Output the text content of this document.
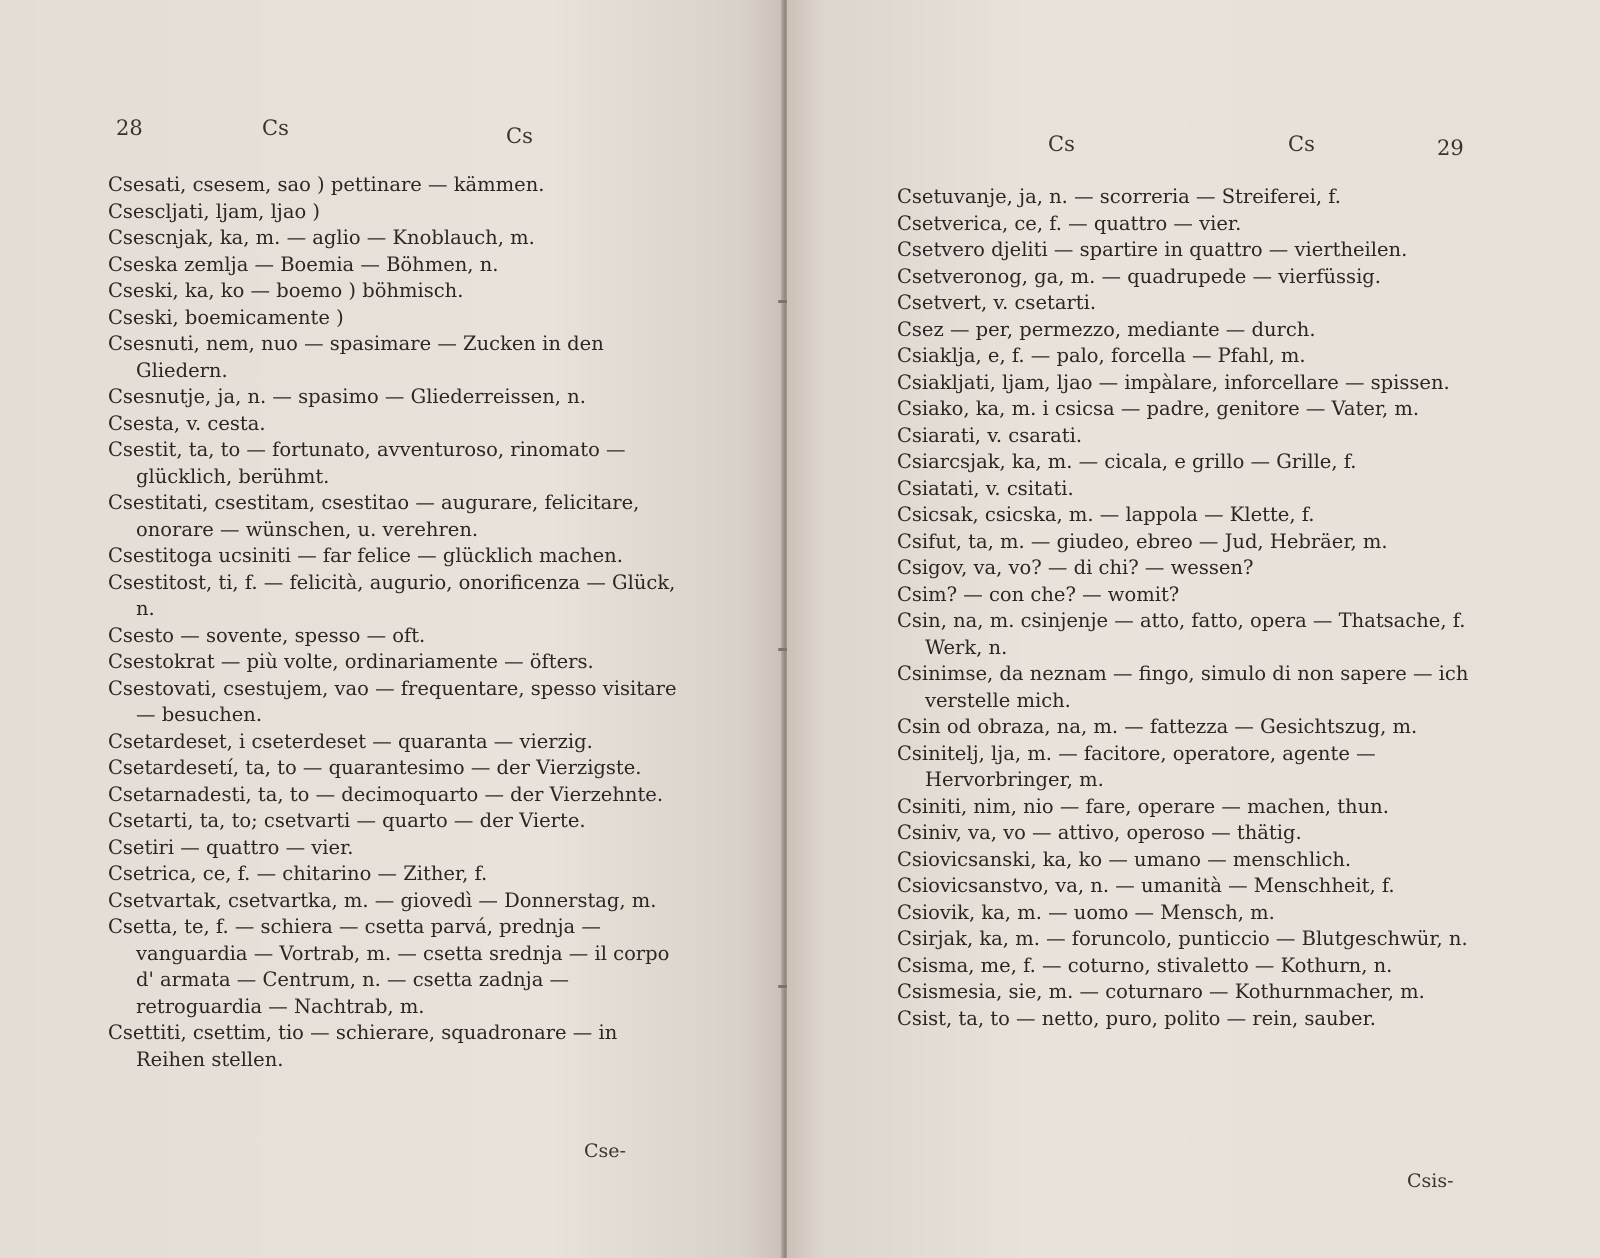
28	Cs	Cs
Csesati, csesem, sao ) pettinare — kämmen.
Csescljati, ljam, ljao )
Csescnjak, ka, m. — aglio — Knoblauch, m.
Cseska zemlja — Boemia — Böhmen, n.
Cseski, ka, ko — boemo ) böhmisch.
Cseski, boemicamente )
Csesnuti, nem, nuo — spasimare — Zucken in den Gliedern.
Csesnutje, ja, n. — spasimo — Gliederreissen, n.
Csesta, v. cesta.
Csestit, ta, to — fortunato, avventuroso, rinomato — glücklich, berühmt.
Csestitati, csestitam, csestitao — augurare, felicitare, onorare — wünschen, u. verehren.
Csestitoga ucsiniti — far felice — glücklich machen.
Csestitost, ti, f. — felicità, augurio, onorificenza — Glück, n.
Csesto — sovente, spesso — oft.
Csestokrat — più volte, ordinariamente — öfters.
Csestovati, csestujem, vao — frequentare, spesso visitare — besuchen.
Csetardeset, i cseterdeset — quaranta — vierzig.
Csetardesetí, ta, to — quarantesimo — der Vierzigste.
Csetarnadesti, ta, to — decimoquarto — der Vierzehnte.
Csetarti, ta, to; csetvarti — quarto — der Vierte.
Csetiri — quattro — vier.
Csetrica, ce, f. — chitarino — Zither, f.
Csetvartak, csetvartka, m. — giovedì — Donnerstag, m.
Csetta, te, f. — schiera — csetta parvá, prednja — vanguardia — Vortrab, m. — csetta srednja — il corpo d' armata — Centrum, n. — csetta zadnja — retroguardia — Nachtrab, m.
Csettiti, csettim, tio — schierare, squadronare — in Reihen stellen.
Cse-
Cs	Cs	29
Csetuvanje, ja, n. — scorreria — Streiferei, f.
Csetverica, ce, f. — quattro — vier.
Csetvero djeliti — spartire in quattro — viertheilen.
Csetveronog, ga, m. — quadrupede — vierfüssig.
Csetvert, v. csetarti.
Csez — per, permezzo, mediante — durch.
Csiaklja, e, f. — palo, forcella — Pfahl, m.
Csiakljati, ljam, ljao — impàlare, inforcellare — spissen.
Csiako, ka, m. i csicsa — padre, genitore — Vater, m.
Csiarati, v. csarati.
Csiarcsjak, ka, m. — cicala, e grillo — Grille, f.
Csiatati, v. csitati.
Csicsak, csicska, m. — lappola — Klette, f.
Csifut, ta, m. — giudeo, ebreo — Jud, Hebräer, m.
Csigov, va, vo? — di chi? — wessen?
Csim? — con che? — womit?
Csin, na, m. csinjenje — atto, fatto, opera — Thatsache, f. Werk, n.
Csinimse, da neznam — fingo, simulo di non sapere — ich verstelle mich.
Csin od obraza, na, m. — fattezza — Gesichtszug, m.
Csinitelj, lja, m. — facitore, operatore, agente — Hervorbringer, m.
Csiniti, nim, nio — fare, operare — machen, thun.
Csiniv, va, vo — attivo, operoso — thätig.
Csiovicsanski, ka, ko — umano — menschlich.
Csiovicsanstvo, va, n. — umanità — Menschheit, f.
Csiovik, ka, m. — uomo — Mensch, m.
Csirjak, ka, m. — foruncolo, punticcio — Blutgeschwür, n.
Csisma, me, f. — coturno, stivaletto — Kothurn, n.
Csismesia, sie, m. — coturnaro — Kothurnmacher, m.
Csist, ta, to — netto, puro, polito — rein, sauber.
Csis-
